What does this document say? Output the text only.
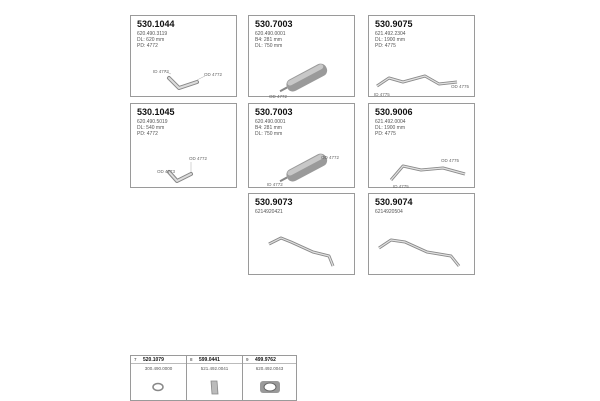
530.1044
620.490.3119
DL: 620 mm
PD: 4772
ID 4773
OD 4772
530.7003
620.490.0001
B4: 281 mm
DL: 750 mm
OD 4772
530.9075
621.492.2304
DL: 1900 mm
PD: 4775
OD 4775
ID 4775
530.1045
620.490.5019
DL: 540 mm
PD: 4772
OD 4773
OD 4772
530.7003
620.490.0001
B4: 281 mm
DL: 750 mm
OD 4772
ID 4772
530.9006
621.492.0004
DL: 1900 mm
PD: 4775
ID 4775
OD 4775
530.9073
6214920421
530.9074
6214920504
7 520.1079
300.490.0000
8 599.0441
521.492.0041
9 499.9762
620.492.0043
